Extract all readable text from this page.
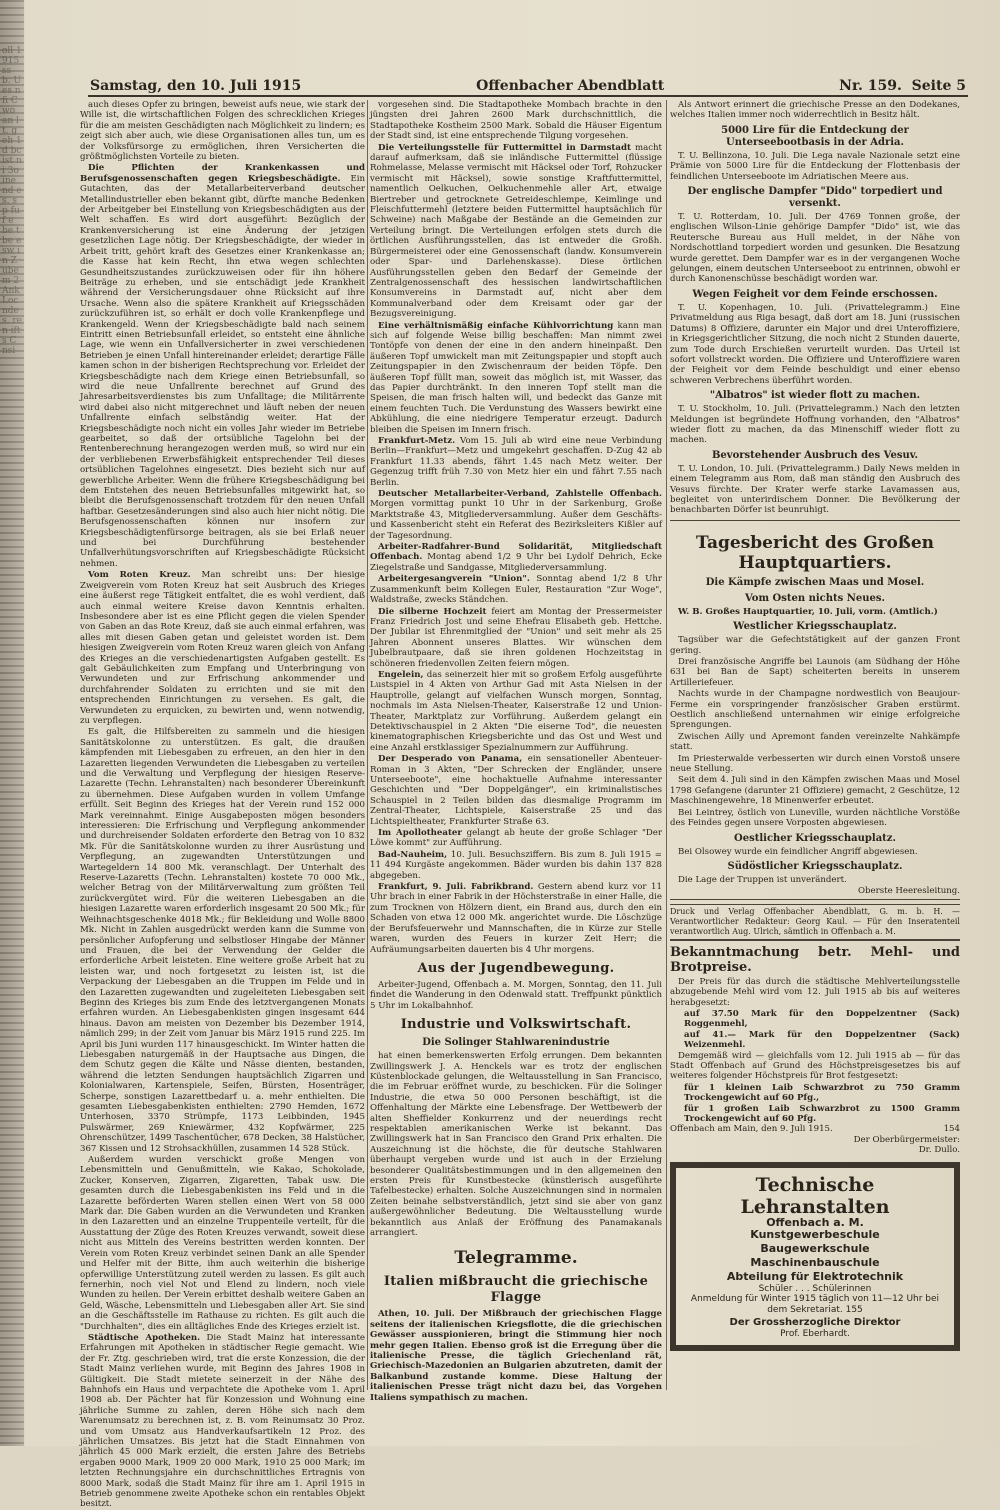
oll 1915 ss b. U es n fi Cwo an lt. geh 1d bc ist ni 3o ine nd es. sp fuf e be tbe esw in Zubem 2 Ank Loc ndes. ren ifts Cnsi
Samstag, den 10. Juli 1915	Offenbacher Abendblatt	Nr. 159. Seite 5

auch dieses Opfer zu bringen, beweist aufs neue, wie stark der Wille ist, die wirtschaftlichen Folgen des schrecklichen Krieges für die am meisten Geschädigten nach Möglichkeit zu lindern; es zeigt sich aber auch, wie diese Organisationen alles tun, um es der Volksfürsorge zu ermöglichen, ihren Versicherten die größtmöglichsten Vorteile zu bieten.

Die Pflichten der Krankenkassen und Berufsgenossenschaften gegen Kriegsbeschädigte. Ein Gutachten, das der Metallarbeiterverband deutscher Metallindustrieller eben bekannt gibt, dürfte manche Bedenken der Arbeitgeber bei Einstellung von Kriegsbeschädigten aus der Welt schaffen. Es wird dort ausgeführt: Bezüglich der Krankenversicherung ist eine Änderung der jetzigen gesetzlichen Lage nötig. Der Kriegsbeschädigte, der wieder in Arbeit tritt, gehört kraft des Gesetzes einer Krankenkasse an; die Kasse hat kein Recht, ihn etwa wegen schlechten Gesundheitszustandes zurückzuweisen oder für ihn höhere Beiträge zu erheben, und sie entschädigt jede Krankheit während der Versicherungsdauer ohne Rücksicht auf ihre Ursache. Wenn also die spätere Krankheit auf Kriegsschäden zurückzuführen ist, so erhält er doch volle Krankenpflege und Krankengeld. Wenn der Kriegsbeschädigte bald nach seinem Eintritt einen Betriebsunfall erleidet, so entsteht eine ähnliche Lage, wie wenn ein Unfallversicherter in zwei verschiedenen Betrieben je einen Unfall hintereinander erleidet; derartige Fälle kamen schon in der bisherigen Rechtsprechung vor. Erleidet der Kriegsbeschädigte nach dem Kriege einen Betriebsunfall, so wird die neue Unfallrente berechnet auf Grund des Jahresarbeitsverdienstes bis zum Unfalltage; die Militärrente wird dabei also nicht mitgerechnet und läuft neben der neuen Unfallrente einfach selbständig weiter. Hat der Kriegsbeschädigte noch nicht ein volles Jahr wieder im Betriebe gearbeitet, so daß der ortsübliche Tagelohn bei der Rentenberechnung herangezogen werden muß, so wird nur ein der verbliebenen Erwerbsfähigkeit entsprechender Teil dieses ortsüblichen Tagelohnes eingesetzt. Dies bezieht sich nur auf gewerbliche Arbeiter. Wenn die frühere Kriegsbeschädigung bei dem Entstehen des neuen Betriebsunfalles mitgewirkt hat, so bleibt die Berufsgenossenschaft trotzdem für den neuen Unfall haftbar. Gesetzesänderungen sind also auch hier nicht nötig. Die Berufsgenossenschaften können nur insofern zur Kriegsbeschädigtenfürsorge beitragen, als sie bei Erlaß neuer und bei Durchführung bestehender Unfallverhütungsvorschriften auf Kriegsbeschädigte Rücksicht nehmen.

Vom Roten Kreuz. Man schreibt uns: Der hiesige Zweigverein vom Roten Kreuz hat seit Ausbruch des Krieges eine äußerst rege Tätigkeit entfaltet, die es wohl verdient, daß auch einmal weitere Kreise davon Kenntnis erhalten. Insbesondere aber ist es eine Pflicht gegen die vielen Spender von Gaben an das Rote Kreuz, daß sie auch einmal erfahren, was alles mit diesen Gaben getan und geleistet worden ist. Dem hiesigen Zweigverein vom Roten Kreuz waren gleich von Anfang des Krieges an die verschiedenartigsten Aufgaben gestellt. Es galt Gebäulichkeiten zum Empfang und Unterbringung von Verwundeten und zur Erfrischung ankommender und durchfahrender Soldaten zu errichten und sie mit den entsprechenden Einrichtungen zu versehen. Es galt, die Verwundeten zu erquicken, zu bewirten und, wenn notwendig, zu verpflegen.

Es galt, die Hilfsbereiten zu sammeln und die hiesigen Sanitätskolonne zu unterstützen. Es galt, die draußen kämpfenden mit Liebesgaben zu erfreuen, an den hier in den Lazaretten liegenden Verwundeten die Liebesgaben zu verteilen und die Verwaltung und Verpflegung der hiesigen Reserve-Lazarette (Techn. Lehranstalten) nach besonderer Übereinkunft zu übernehmen. Diese Aufgaben wurden in vollem Umfange erfüllt. Seit Beginn des Krieges hat der Verein rund 152 000 Mark vereinnahmt. Einige Ausgabeposten mögen besonders interessieren: Die Erfrischung und Verpflegung ankommender und durchreisender Soldaten erforderte den Betrag von 10 832 Mk. Für die Sanitätskolonne wurden zu ihrer Ausrüstung und Verpflegung, an zugewandten Unterstützungen und Wartegeldern 14 800 Mk. veranschlagt. Der Unterhalt des Reserve-Lazaretts (Techn. Lehranstalten) kostete 70 000 Mk., welcher Betrag von der Militärverwaltung zum größten Teil zurückvergütet wird. Für die weiteren Liebesgaben an die hiesigen Lazarette waren erforderlich insgesamt 20 500 Mk.; für Weihnachtsgeschenke 4018 Mk.; für Bekleidung und Wolle 8800 Mk. Nicht in Zahlen ausgedrückt werden kann die Summe von persönlicher Aufopferung und selbstloser Hingabe der Männer und Frauen, die bei der Verwendung der Gelder die erforderliche Arbeit leisteten. Eine weitere große Arbeit hat zu leisten war, und noch fortgesetzt zu leisten ist, ist die Verpackung der Liebesgaben an die Truppen im Felde und in den Lazaretten zugewandten und zugeleiteten Liebesgaben seit Beginn des Krieges bis zum Ende des letztvergangenen Monats erfahren wurden. An Liebesgabenkisten gingen insgesamt 644 hinaus. Davon am meisten von Dezember bis Dezember 1914, nämlich 299; in der Zeit vom Januar bis März 1915 rund 225. Im April bis Juni wurden 117 hinausgeschickt. Im Winter hatten die Liebesgaben naturgemäß in der Hauptsache aus Dingen, die dem Schutz gegen die Kälte und Nässe dienten, bestanden, während die letzten Sendungen hauptsächlich Zigarren und Kolonialwaren, Kartenspiele, Seifen, Bürsten, Hosenträger, Scherpe, sonstigen Lazarettbedarf u. a. mehr enthielten. Die gesamten Liebesgabenkisten enthielten: 2790 Hemden, 1672 Unterhosen, 3370 Strümpfe, 1173 Leibbinden, 1945 Pulswärmer, 269 Kniewärmer, 432 Kopfwärmer, 225 Ohrenschützer, 1499 Taschentücher, 678 Decken, 38 Halstücher, 367 Kissen und 12 Strohsackhüllen, zusammen 14 528 Stück.

Außerdem wurden verschickt große Mengen von Lebensmitteln und Genußmitteln, wie Kakao, Schokolade, Zucker, Konserven, Zigarren, Zigaretten, Tabak usw. Die gesamten durch die Liebesgabenkisten ins Feld und in die Lazarette beförderten Waren stellen einen Wert von 58 000 Mark dar. Die Gaben wurden an die Verwundeten und Kranken in den Lazaretten und an einzelne Truppenteile verteilt, für die Ausstattung der Züge des Roten Kreuzes verwandt, soweit diese nicht aus Mitteln des Vereins bestritten werden konnten. Der Verein vom Roten Kreuz verbindet seinen Dank an alle Spender und Helfer mit der Bitte, ihm auch weiterhin die bisherige opferwillige Unterstützung zuteil werden zu lassen. Es gilt auch fernerhin, noch viel Not und Elend zu lindern, noch viele Wunden zu heilen. Der Verein erbittet deshalb weitere Gaben an Geld, Wäsche, Lebensmitteln und Liebesgaben aller Art. Sie sind an die Geschäftsstelle im Rathause zu richten. Es gilt auch die "Durchhalten", dies ein alltägliches Ende des Krieges erzielt ist.

Städtische Apotheken. Die Stadt Mainz hat interessante Erfahrungen mit Apotheken in städtischer Regie gemacht. Wie der Fr. Ztg. geschrieben wird, trat die erste Konzession, die der Stadt Mainz verliehen wurde, mit Beginn des Jahres 1908 in Gültigkeit. Die Stadt mietete seinerzeit in der Nähe des Bahnhofs ein Haus und verpachtete die Apotheke vom 1. April 1908 ab. Der Pächter hat für Konzession und Wohnung eine jährliche Summe zu zahlen, deren Höhe sich nach dem Warenumsatz zu berechnen ist, z. B. vom Reinumsatz 30 Proz. und vom Umsatz aus Handverkaufsartikeln 12 Proz. des jährlichen Umsatzes. Bis jetzt hat die Stadt Einnahmen von jährlich 45 000 Mark erzielt, die ersten Jahre des Betriebs ergaben 9000 Mark, 1909 20 000 Mark, 1910 25 000 Mark; im letzten Rechnungsjahre ein durchschnittliches Ertragnis von 8000 Mark, sodaß die Stadt Mainz für ihre am 1. April 1915 in Betrieb genommene zweite Apotheke schon ein rentables Objekt besitzt.

vorgesehen sind. Die Stadtapotheke Mombach brachte in den jüngsten drei Jahren 2600 Mark durchschnittlich, die Stadtapotheke Kostheim 2500 Mark. Sobald die Häuser Eigentum der Stadt sind, ist eine entsprechende Tilgung vorgesehen.

Die Verteilungsstelle für Futtermittel in Darmstadt macht darauf aufmerksam, daß sie inländische Futtermittel (flüssige Rohmelasse, Melasse vermischt mit Häcksel oder Torf, Rohzucker vermischt mit Häcksel), sowie sonstige Kraftfuttermittel, namentlich Oelkuchen, Oelkuchenmehle aller Art, etwaige Biertreber und getrocknete Getreideschlempe, Keimlinge und Fleischfuttermehl (letztere beiden Futtermittel hauptsächlich für Schweine) nach Maßgabe der Bestände an die Gemeinden zur Verteilung bringt. Die Verteilungen erfolgen stets durch die örtlichen Ausführungsstellen, das ist entweder die Großh. Bürgermeisterei oder eine Genossenschaft (landw. Konsumverein oder Spar- und Darlehenskasse). Diese örtlichen Ausführungsstellen geben den Bedarf der Gemeinde der Zentralgenossenschaft des hessischen landwirtschaftlichen Konsumvereins in Darmstadt auf, nicht aber dem Kommunalverband oder dem Kreisamt oder gar der Bezugsvereinigung.

Eine verhältnismäßig einfache Kühlvorrichtung kann man sich auf folgende Weise billig beschaffen: Man nimmt zwei Tontöpfe von denen der eine in den andern hineinpaßt. Den äußeren Topf umwickelt man mit Zeitungspapier und stopft auch Zeitungspapier in den Zwischenraum der beiden Töpfe. Den äußeren Topf füllt man, soweit das möglich ist, mit Wasser, das das Papier durchtränkt. In den inneren Topf stellt man die Speisen, die man frisch halten will, und bedeckt das Ganze mit einem feuchten Tuch. Die Verdunstung des Wassers bewirkt eine Abkühlung, die eine niedrigere Temperatur erzeugt. Dadurch bleiben die Speisen im Innern frisch.

Frankfurt-Metz. Vom 15. Juli ab wird eine neue Verbindung Berlin—Frankfurt—Metz und umgekehrt geschaffen. D-Zug 42 ab Frankfurt 11.33 abends, fährt 1.45 nach Metz weiter. Der Gegenzug trifft früh 7.30 von Metz hier ein und fährt 7.55 nach Berlin.

Deutscher Metallarbeiter-Verband, Zahlstelle Offenbach. Morgen vormittag punkt 10 Uhr in der Sarkenburg, Große Marktstraße 43, Mitgliederversammlung. Außer dem Geschäfts- und Kassenbericht steht ein Referat des Bezirksleiters Kißler auf der Tagesordnung.

Arbeiter-Radfahrer-Bund Solidarität, Mitgliedschaft Offenbach. Montag abend 1/2 9 Uhr bei Lydolf Dehrich, Ecke Ziegelstraße und Sandgasse, Mitgliederversammlung.

Arbeitergesangverein "Union". Sonntag abend 1/2 8 Uhr Zusammenkunft beim Kollegen Euler, Restauration "Zur Woge", Waldstraße, zwecks Ständchen.

Die silberne Hochzeit feiert am Montag der Pressermeister Franz Friedrich Jost und seine Ehefrau Elisabeth geb. Hettche. Der Jubilar ist Ehrenmitglied der "Union" und seit mehr als 25 Jahren Abonnent unseres Blattes. Wir wünschen dem Jubelbrautpaare, daß sie ihren goldenen Hochzeitstag in schöneren friedenvollen Zeiten feiern mögen.

Engelein, das seinerzeit hier mit so großem Erfolg ausgeführte Lustspiel in 4 Akten von Arthur Gad mit Asta Nielsen in der Hauptrolle, gelangt auf vielfachen Wunsch morgen, Sonntag, nochmals im Asta Nielsen-Theater, Kaiserstraße 12 und Union-Theater, Marktplatz zur Vorführung. Außerdem gelangt ein Detektivschauspiel in 2 Akten "Die eiserne Tod", die neuesten kinematographischen Kriegsberichte und das Ost und West und eine Anzahl erstklassiger Spezialnummern zur Aufführung.

Der Desperado von Panama, ein sensationeller Abenteuer-Roman in 3 Akten, "Der Schrecken der Engländer, unsere Unterseeboote", eine hochaktuelle Aufnahme interessanter Geschichten und "Der Doppelgänger", ein kriminalistisches Schauspiel in 2 Teilen bilden das diesmalige Programm im Zentral-Theater, Lichtspiele, Kaiserstraße 25 und das Lichtspieltheater, Frankfurter Straße 63.

Im Apollotheater gelangt ab heute der große Schlager "Der Löwe kommt" zur Aufführung.

Bad-Nauheim, 10. Juli. Besuchsziffern. Bis zum 8. Juli 1915 = 11 494 Kurgäste angekommen. Bäder wurden bis dahin 137 828 abgegeben.

Frankfurt, 9. Juli. Fabrikbrand. Gestern abend kurz vor 11 Uhr brach in einer Fabrik in der Höchsterstraße in einer Halle, die zum Trocknen von Hölzern dient, ein Brand aus, durch den ein Schaden von etwa 12 000 Mk. angerichtet wurde. Die Löschzüge der Berufsfeuerwehr und Mannschaften, die in Kürze zur Stelle waren, wurden des Feuers in kurzer Zeit Herr; die Aufräumungsarbeiten dauerten bis 4 Uhr morgens.

Aus der Jugendbewegung.

Arbeiter-Jugend, Offenbach a. M. Morgen, Sonntag, den 11. Juli findet die Wanderung in den Odenwald statt. Treffpunkt pünktlich 5 Uhr im Lokalbahnhof.

Industrie und Volkswirtschaft.
Die Solinger Stahlwarenindustrie

hat einen bemerkenswerten Erfolg errungen. Dem bekannten Zwillingswerk J. A. Henckels war es trotz der englischen Küstenblockade gelungen, die Weltausstellung in San Francisco, die im Februar eröffnet wurde, zu beschicken. Für die Solinger Industrie, die etwa 50 000 Personen beschäftigt, ist die Offenhaltung der Märkte eine Lebensfrage. Der Wettbewerb der alten Sheffielder Konkurrenz und der neuerdings recht respektablen amerikanischen Werke ist bekannt. Das Zwillingswerk hat in San Francisco den Grand Prix erhalten. Die Auszeichnung ist die höchste, die für deutsche Stahlwaren überhaupt vergeben wurde und ist auch in der Erzielung besonderer Qualitätsbestimmungen und in den allgemeinen den ersten Preis für Kunstbestecke (künstlerisch ausgeführte Tafelbestecke) erhalten. Solche Auszeichnungen sind in normalen Zeiten beinahe selbstverständlich, jetzt sind sie aber von ganz außergewöhnlicher Bedeutung. Die Weltausstellung wurde bekanntlich aus Anlaß der Eröffnung des Panamakanals arrangiert.

Telegramme.
Italien mißbraucht die griechische Flagge

Athen, 10. Juli. Der Mißbrauch der griechischen Flagge seitens der italienischen Kriegsflotte, die die griechischen Gewässer ausspionieren, bringt die Stimmung hier noch mehr gegen Italien. Ebenso groß ist die Erregung über die italienische Presse, die täglich Griechenland rät, Griechisch-Mazedonien an Bulgarien abzutreten, damit der Balkanbund zustande komme. Diese Haltung der italienischen Presse trägt nicht dazu bei, das Vorgehen Italiens sympathisch zu machen.

Als Antwort erinnert die griechische Presse an den Dodekanes, welches Italien immer noch widerrechtlich in Besitz hält.

5000 Lire für die Entdeckung der Unterseebootbasis in der Adria.

T. U. Bellinzona, 10. Juli. Die Lega navale Nazionale setzt eine Prämie von 5000 Lire für die Entdeckung der Flottenbasis der feindlichen Unterseeboote im Adriatischen Meere aus.

Der englische Dampfer "Dido" torpediert und versenkt.

T. U. Rotterdam, 10. Juli. Der 4769 Tonnen große, der englischen Wilson-Linie gehörige Dampfer "Dido" ist, wie das Reutersche Bureau aus Hull meldet, in der Nähe von Nordschottland torpediert worden und gesunken. Die Besatzung wurde gerettet. Dem Dampfer war es in der vergangenen Woche gelungen, einem deutschen Unterseeboot zu entrinnen, obwohl er durch Kanonenschüsse beschädigt worden war.

Wegen Feigheit vor dem Feinde erschossen.

T. U. Kopenhagen, 10. Juli. (Privattelegramm.) Eine Privatmeldung aus Riga besagt, daß dort am 18. Juni (russischen Datums) 8 Offiziere, darunter ein Major und drei Unteroffiziere, in Kriegsgerichtlicher Sitzung, die noch nicht 2 Stunden dauerte, zum Tode durch Erschießen verurteilt wurden. Das Urteil ist sofort vollstreckt worden. Die Offiziere und Unteroffiziere waren der Feigheit vor dem Feinde beschuldigt und einer ebenso schweren Verbrechens überführt worden.

"Albatros" ist wieder flott zu machen.

T. U. Stockholm, 10. Juli. (Privattelegramm.) Nach den letzten Meldungen ist begründete Hoffnung vorhanden, den "Albatros" wieder flott zu machen, da das Minenschiff wieder flott zu machen.

Bevorstehender Ausbruch des Vesuv.

T. U. London, 10. Juli. (Privattelegramm.) Daily News melden in einem Telegramm aus Rom, daß man ständig den Ausbruch des Vesuvs fürchte. Der Krater werfe starke Lavamassen aus, begleitet von unterirdischem Donner. Die Bevölkerung der benachbarten Dörfer ist beunruhigt.

Tagesbericht des Großen Hauptquartiers.
Die Kämpfe zwischen Maas und Mosel.
Vom Osten nichts Neues.

W. B. Großes Hauptquartier, 10. Juli, vorm. (Amtlich.)

Westlicher Kriegsschauplatz.

Tagsüber war die Gefechtstätigkeit auf der ganzen Front gering.

Drei französische Angriffe bei Launois (am Südhang der Höhe 631 bei Ban de Sapt) scheiterten bereits in unserem Artilleriefeuer.

Nachts wurde in der Champagne nordwestlich von Beaujour-Ferme ein vorspringender französischer Graben erstürmt. Oestlich anschließend unternahmen wir einige erfolgreiche Sprengungen.

Zwischen Ailly und Apremont fanden vereinzelte Nahkämpfe statt.

Im Priesterwalde verbesserten wir durch einen Vorstoß unsere neue Stellung.

Seit dem 4. Juli sind in den Kämpfen zwischen Maas und Mosel 1798 Gefangene (darunter 21 Offiziere) gemacht, 2 Geschütze, 12 Maschinengewehre, 18 Minenwerfer erbeutet.

Bei Leintrey, östlich von Luneville, wurden nächtliche Vorstöße des Feindes gegen unsere Vorposten abgewiesen.

Oestlicher Kriegsschauplatz.

Bei Olsowey wurde ein feindlicher Angriff abgewiesen.

Südöstlicher Kriegsschauplatz.

Die Lage der Truppen ist unverändert.

Oberste Heeresleitung.
Druck und Verlag Offenbacher Abendblatt, G. m. b. H. — Verantwortlicher Redakteur: Georg Kaul. — Für den Inseratenteil verantwortlich Aug. Ulrich, sämtlich in Offenbach a. M.
Bekanntmachung betr. Mehl- und Brotpreise.

Der Preis für das durch die städtische Mehlverteilungsstelle abzugebende Mehl wird vom 12. Juli 1915 ab bis auf weiteres herabgesetzt:

auf 37.50 Mark für den Doppelzentner (Sack) Roggenmehl,
auf 41.— Mark für den Doppelzentner (Sack) Weizenmehl.

Demgemäß wird — gleichfalls vom 12. Juli 1915 ab — für das Stadt Offenbach auf Grund des Höchstpreisgesetzes bis auf weiteres folgender Höchstpreis für Brot festgesetzt:

für 1 kleinen Laib Schwarzbrot zu 750 Gramm Trockengewicht auf 60 Pfg.,
für 1 großen Laib Schwarzbrot zu 1500 Gramm Trockengewicht auf 60 Pfg.
Offenbach am Main, den 9. Juli 1915.	154
Der Oberbürgermeister:
Dr. Dullo.
Technische Lehranstalten
Offenbach a. M.
Kunstgewerbeschule
Baugewerkschule
Maschinenbauschule
Abteilung für Elektrotechnik
Schüler . . . Schülerinnen
Anmeldung für Winter 1915 täglich von 11—12 Uhr bei dem Sekretariat. 155
Der Grossherzogliche Direktor
Prof. Eberhardt.
